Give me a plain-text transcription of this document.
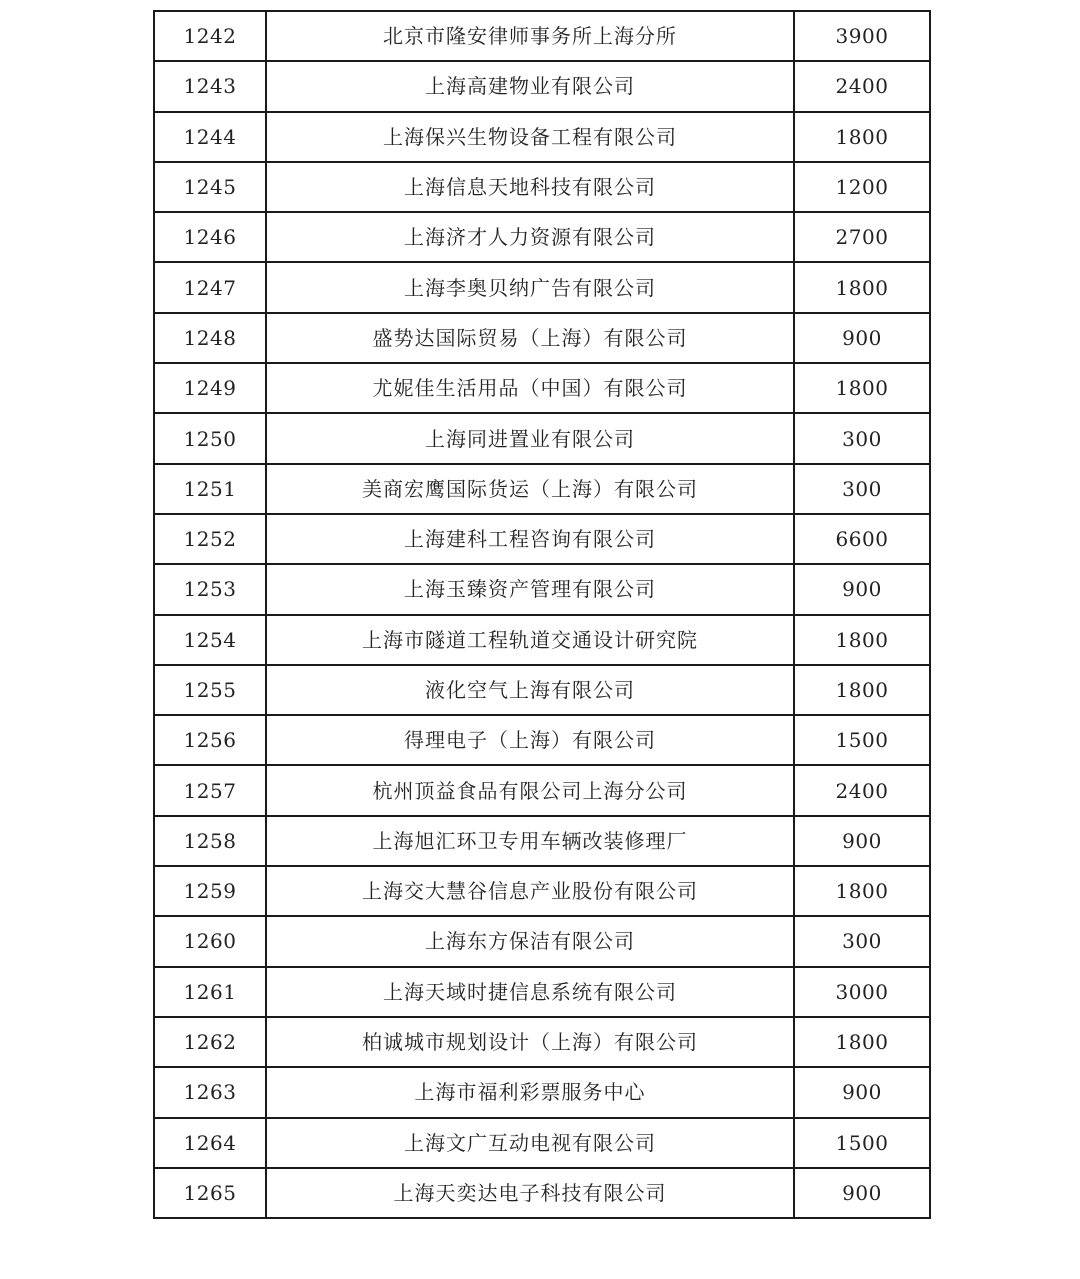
1242	北京市隆安律师事务所上海分所	3900
1243	上海高建物业有限公司	2400
1244	上海保兴生物设备工程有限公司	1800
1245	上海信息天地科技有限公司	1200
1246	上海济才人力资源有限公司	2700
1247	上海李奥贝纳广告有限公司	1800
1248	盛势达国际贸易（上海）有限公司	900
1249	尤妮佳生活用品（中国）有限公司	1800
1250	上海同进置业有限公司	300
1251	美商宏鹰国际货运（上海）有限公司	300
1252	上海建科工程咨询有限公司	6600
1253	上海玉臻资产管理有限公司	900
1254	上海市隧道工程轨道交通设计研究院	1800
1255	液化空气上海有限公司	1800
1256	得理电子（上海）有限公司	1500
1257	杭州顶益食品有限公司上海分公司	2400
1258	上海旭汇环卫专用车辆改装修理厂	900
1259	上海交大慧谷信息产业股份有限公司	1800
1260	上海东方保洁有限公司	300
1261	上海天域时捷信息系统有限公司	3000
1262	柏诚城市规划设计（上海）有限公司	1800
1263	上海市福利彩票服务中心	900
1264	上海文广互动电视有限公司	1500
1265	上海天奕达电子科技有限公司	900
